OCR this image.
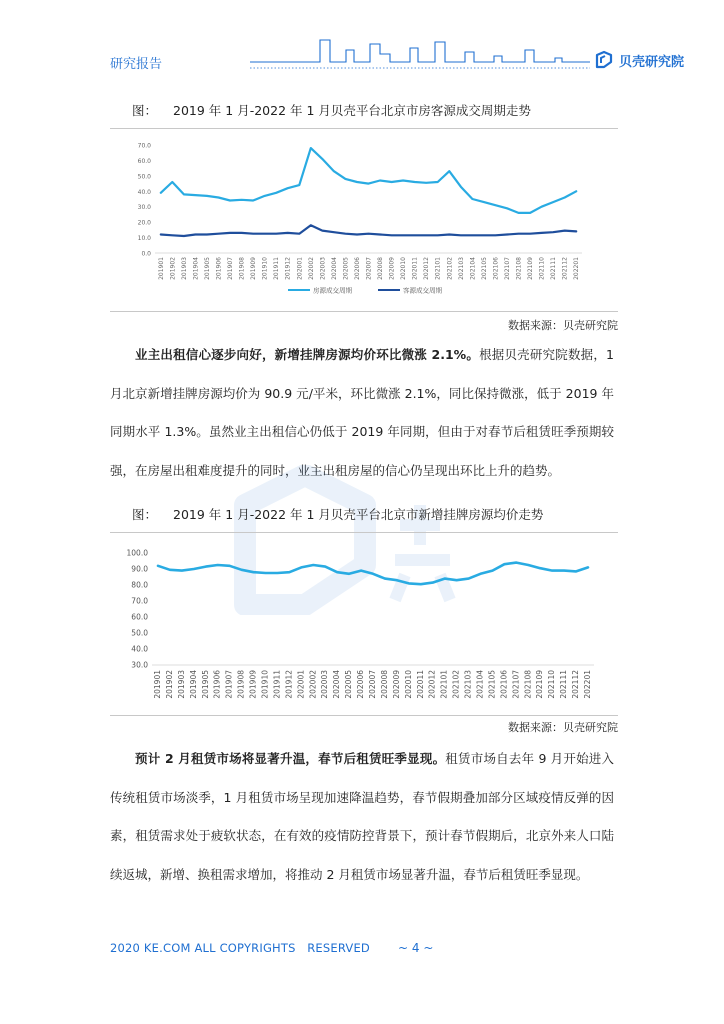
研究报告	贝壳研究院
图： 2019 年 1 月-2022 年 1 月贝壳平台北京市房客源成交周期走势
0.0
10.0
20.0
30.0
40.0
50.0
60.0
70.0
201901 201902 201903 201904 201905 201906 201907 201908 201909 201910 201911 201912 202001 202002 202003 202004 202005 202006 202007 202008 202009 202010 202011 202012 202101 202102 202103 202104 202105 202106 202107 202108 202109 202110 202111 202112 202201
房源成交周期	客源成交周期
数据来源：贝壳研究院
业主出租信心逐步向好，新增挂牌房源均价环比微涨 2.1%。根据贝壳研究院数据，1 月北京新增挂牌房源均价为 90.9 元/平米，环比微涨 2.1%，同比保持微涨，低于 2019 年同期水平 1.3%。虽然业主出租信心仍低于 2019 年同期，但由于对春节后租赁旺季预期较强，在房屋出租难度提升的同时，业主出租房屋的信心仍呈现出环比上升的趋势。
图： 2019 年 1 月-2022 年 1 月贝壳平台北京市新增挂牌房源均价走势
30.0
40.0
50.0
60.0
70.0
80.0
90.0
100.0
201901 201902 201903 201904 201905 201906 201907 201908 201909 201910 201911 201912 202001 202002 202003 202004 202005 202006 202007 202008 202009 202010 202011 202012 202101 202102 202103 202104 202105 202106 202107 202108 202109 202110 202111 202112 202201
数据来源：贝壳研究院
预计 2 月租赁市场将显著升温，春节后租赁旺季显现。租赁市场自去年 9 月开始进入传统租赁市场淡季，1 月租赁市场呈现加速降温趋势，春节假期叠加部分区域疫情反弹的因素，租赁需求处于疲软状态，在有效的疫情防控背景下，预计春节假期后，北京外来人口陆续返城，新增、换租需求增加，将推动 2 月租赁市场显著升温，春节后租赁旺季显现。
2020 KE.COM ALL COPYRIGHTS   RESERVED ~ 4 ~
